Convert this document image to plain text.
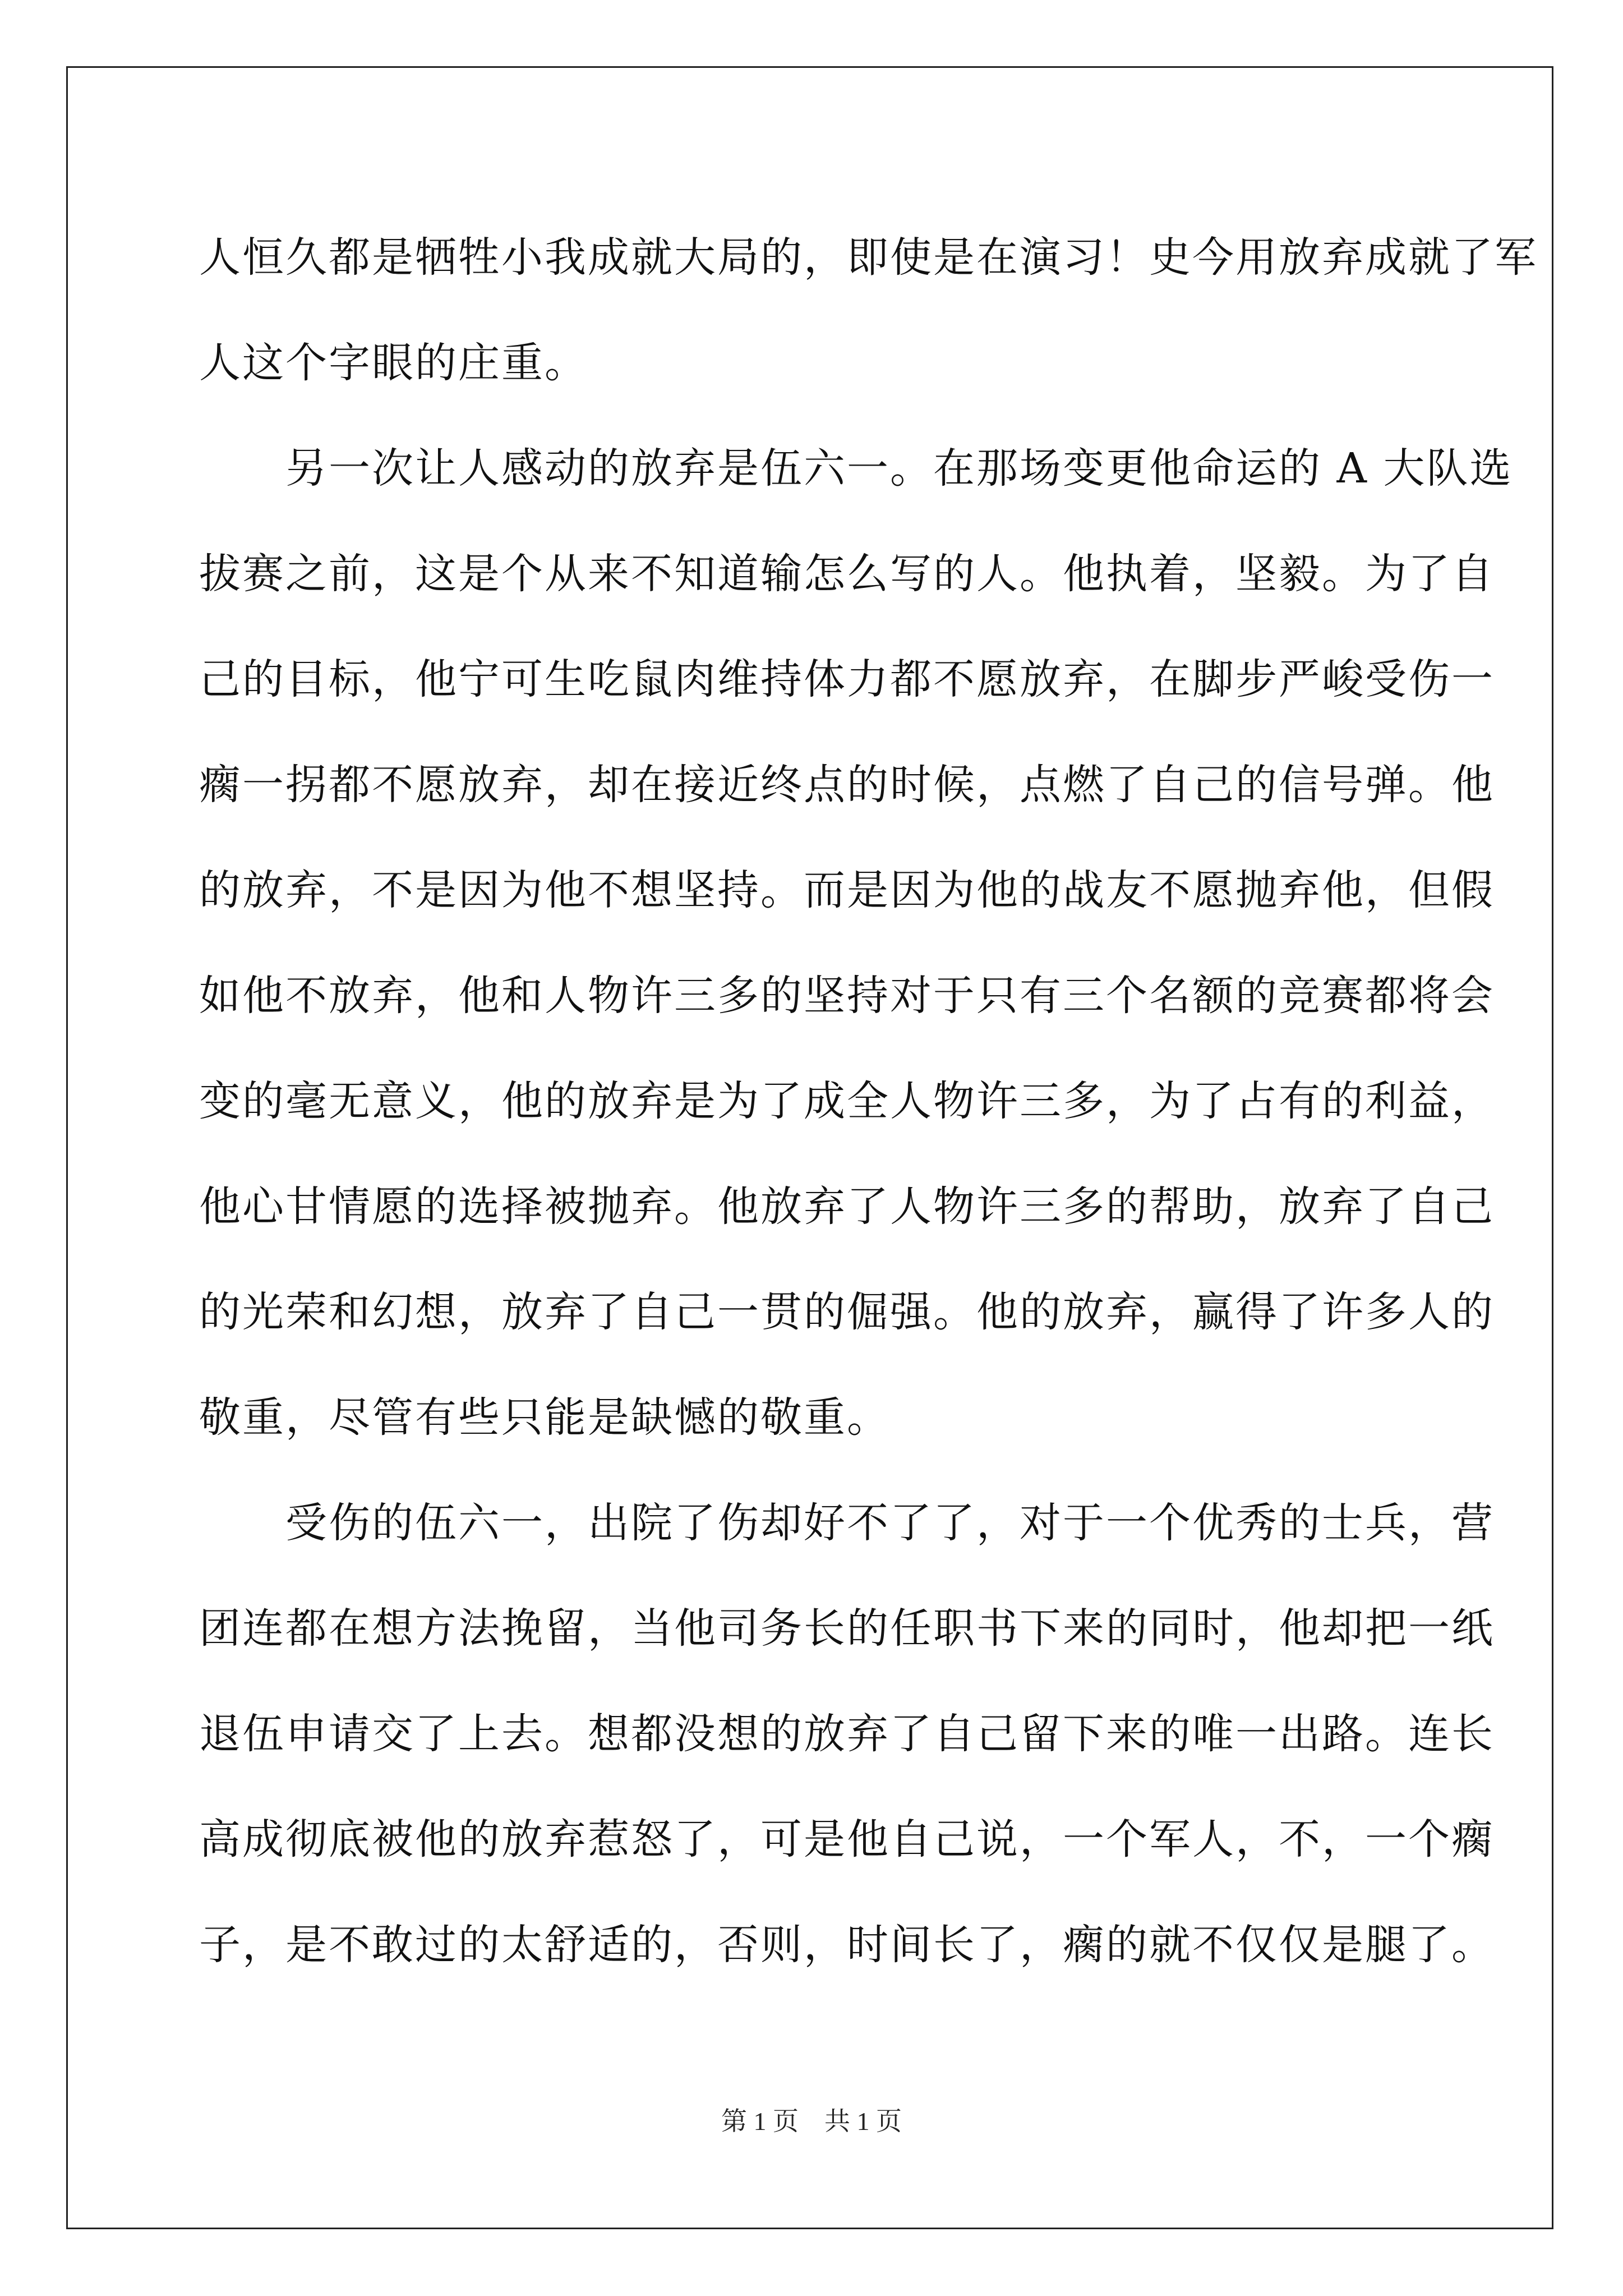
人恒久都是牺牲小我成就大局的，即使是在演习！史今用放弃成就了军
人这个字眼的庄重。
　　另一次让人感动的放弃是伍六一。在那场变更他命运的 A 大队选
拔赛之前，这是个从来不知道输怎么写的人。他执着，坚毅。为了自
己的目标，他宁可生吃鼠肉维持体力都不愿放弃，在脚步严峻受伤一
瘸一拐都不愿放弃，却在接近终点的时候，点燃了自己的信号弹。他
的放弃，不是因为他不想坚持。而是因为他的战友不愿抛弃他，但假
如他不放弃，他和人物许三多的坚持对于只有三个名额的竞赛都将会
变的毫无意义，他的放弃是为了成全人物许三多，为了占有的利益，
他心甘情愿的选择被抛弃。他放弃了人物许三多的帮助，放弃了自己
的光荣和幻想，放弃了自己一贯的倔强。他的放弃，赢得了许多人的
敬重，尽管有些只能是缺憾的敬重。
　　受伤的伍六一，出院了伤却好不了了，对于一个优秀的士兵，营
团连都在想方法挽留，当他司务长的任职书下来的同时，他却把一纸
退伍申请交了上去。想都没想的放弃了自己留下来的唯一出路。连长
高成彻底被他的放弃惹怒了，可是他自己说，一个军人，不，一个瘸
子，是不敢过的太舒适的，否则，时间长了，瘸的就不仅仅是腿了。
第 1 页　共 1 页
